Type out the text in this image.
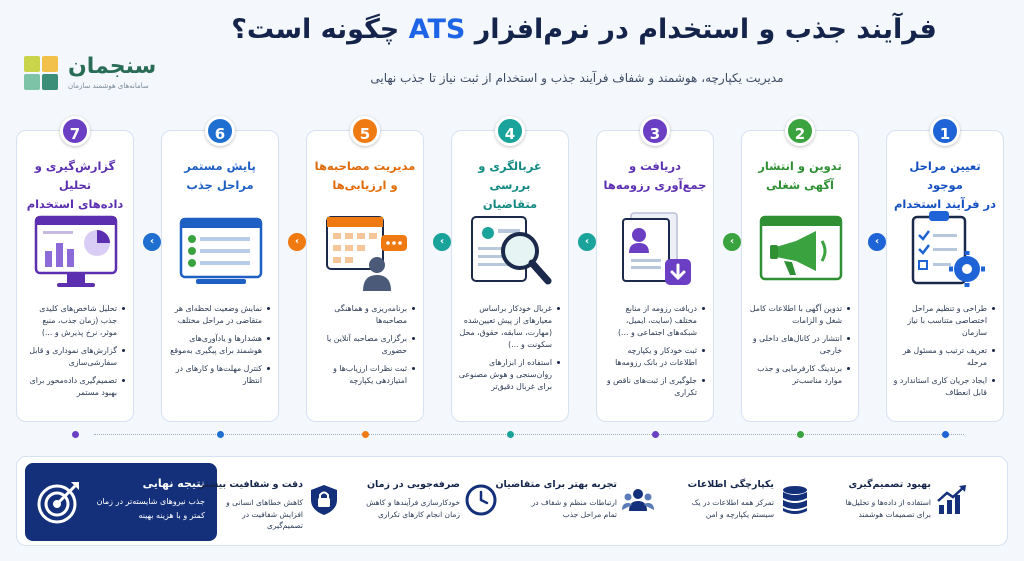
سنجمان
سامانه‌های هوشمند سازمان
فرآیند جذب و استخدام در نرم‌افزار ATS چگونه است؟
مدیریت یکپارچه، هوشمند و شفاف فرآیند جذب و استخدام از ثبت نیاز تا جذب نهایی
گزارش‌گیری و تحلیل
داده‌های استخدام
تحلیل شاخص‌های کلیدی جذب (زمان جذب، منبع موثر، نرخ پذیرش و ...)
گزارش‌های نموداری و قابل سفارشی‌سازی
تصمیم‌گیری داده‌محور برای بهبود مستمر
پایش مستمر
مراحل جذب
نمایش وضعیت لحظه‌ای هر متقاضی در مراحل مختلف
هشدارها و یادآوری‌های هوشمند برای پیگیری به‌موقع
کنترل مهلت‌ها و کارهای در انتظار
مدیریت مصاحبه‌ها
و ارزیابی‌ها
برنامه‌ریزی و هماهنگی مصاحبه‌ها
برگزاری مصاحبه آنلاین یا حضوری
ثبت نظرات ارزیاب‌ها و امتیازدهی یکپارچه
غربالگری و بررسی
متقاضیان
غربال خودکار براساس معیارهای از پیش تعیین‌شده (مهارت، سابقه، حقوق، محل سکونت و ...)
استفاده از ابزارهای روان‌سنجی و هوش مصنوعی برای غربال دقیق‌تر
دریافت و
جمع‌آوری رزومه‌ها
دریافت رزومه از منابع مختلف (سایت، ایمیل، شبکه‌های اجتماعی و ...)
ثبت خودکار و یکپارچه اطلاعات در بانک رزومه‌ها
جلوگیری از ثبت‌های ناقص و تکراری
تدوین و انتشار
آگهی شغلی
تدوین آگهی با اطلاعات کامل شغل و الزامات
انتشار در کانال‌های داخلی و خارجی
برندینگ کارفرمایی و جذب موارد مناسب‌تر
تعیین مراحل موجود
در فرآیند استخدام
طراحی و تنظیم مراحل اختصاصی متناسب با نیاز سازمان
تعریف ترتیب و مسئول هر مرحله
ایجاد جریان کاری استاندارد و قابل انعطاف
7	6	5	4	3	2	1
‹	‹	‹	‹	‹	‹
نتیجه نهایی
جذب نیروهای شایسته‌تر در زمان کمتر و با هزینه بهینه
دقت و شفافیت بیشتر
کاهش خطاهای انسانی و افزایش شفافیت در تصمیم‌گیری
صرفه‌جویی در زمان
خودکارسازی فرآیندها و کاهش زمان انجام کارهای تکراری
تجربه بهتر برای متقاضیان
ارتباطات منظم و شفاف در تمام مراحل جذب
یکپارچگی اطلاعات
تمرکز همه اطلاعات در یک سیستم یکپارچه و امن
بهبود تصمیم‌گیری
استفاده از داده‌ها و تحلیل‌ها برای تصمیمات هوشمند
